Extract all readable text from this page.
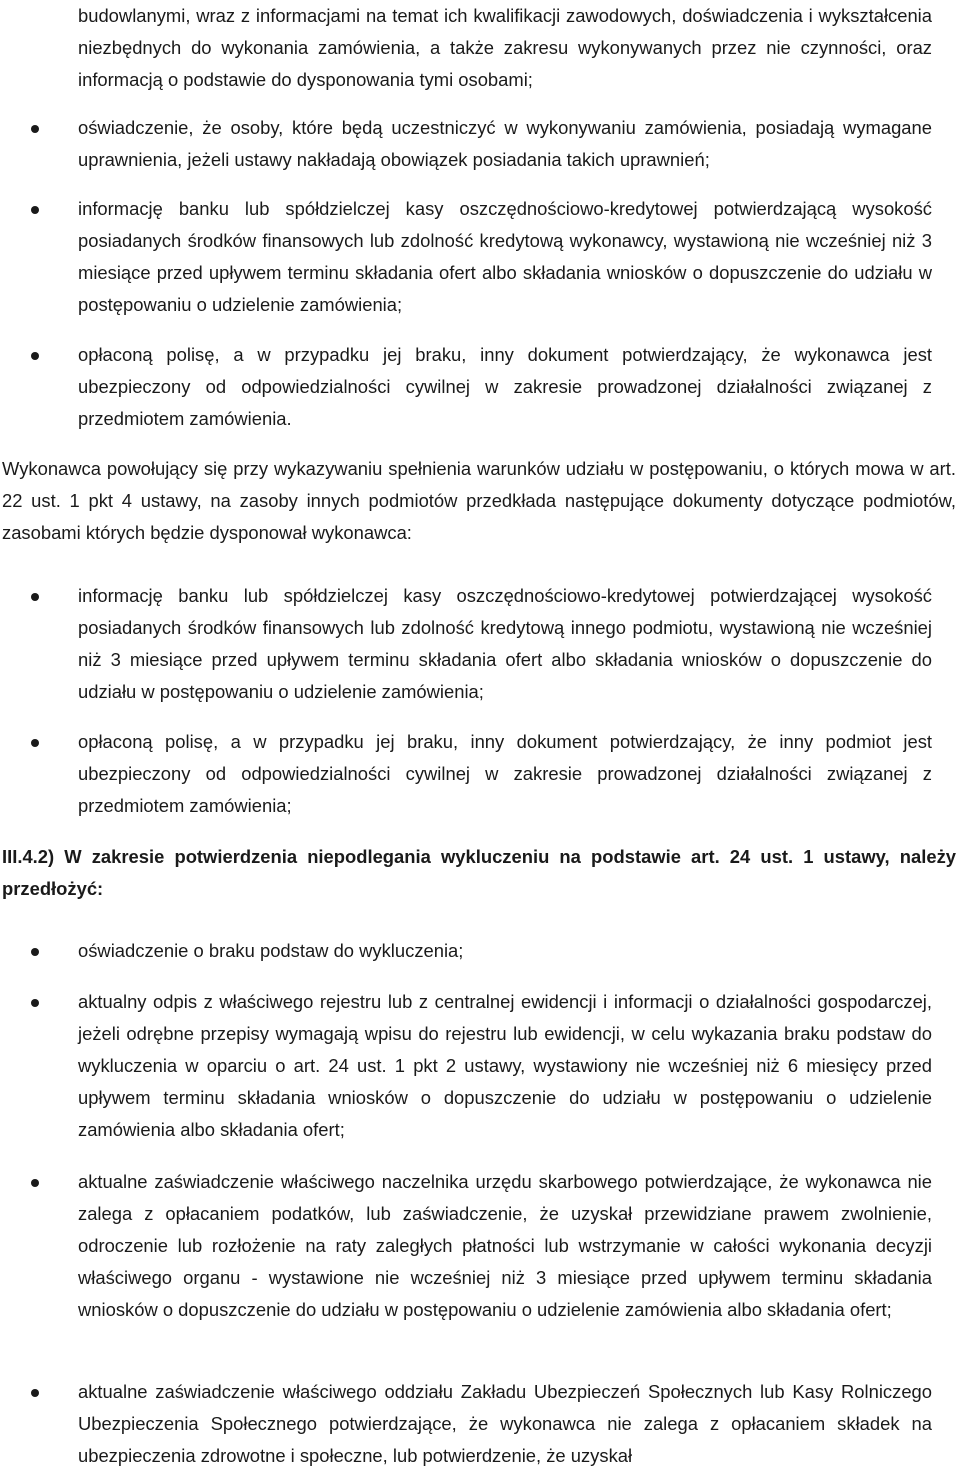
budowlanymi, wraz z informacjami na temat ich kwalifikacji zawodowych, doświadczenia i wykształcenia niezbędnych do wykonania zamówienia, a także zakresu wykonywanych przez nie czynności, oraz informacją o podstawie do dysponowania tymi osobami;

oświadczenie, że osoby, które będą uczestniczyć w wykonywaniu zamówienia, posiadają wymagane uprawnienia, jeżeli ustawy nakładają obowiązek posiadania takich uprawnień;

informację banku lub spółdzielczej kasy oszczędnościowo-kredytowej potwierdzającą wysokość posiadanych środków finansowych lub zdolność kredytową wykonawcy, wystawioną nie wcześniej niż 3 miesiące przed upływem terminu składania ofert albo składania wniosków o dopuszczenie do udziału w postępowaniu o udzielenie zamówienia;

opłaconą polisę, a w przypadku jej braku, inny dokument potwierdzający, że wykonawca jest ubezpieczony od odpowiedzialności cywilnej w zakresie prowadzonej działalności związanej z przedmiotem zamówienia.

Wykonawca powołujący się przy wykazywaniu spełnienia warunków udziału w postępowaniu, o których mowa w art. 22 ust. 1 pkt 4 ustawy, na zasoby innych podmiotów przedkłada następujące dokumenty dotyczące podmiotów, zasobami których będzie dysponował wykonawca:

informację banku lub spółdzielczej kasy oszczędnościowo-kredytowej potwierdzającej wysokość posiadanych środków finansowych lub zdolność kredytową innego podmiotu, wystawioną nie wcześniej niż 3 miesiące przed upływem terminu składania ofert albo składania wniosków o dopuszczenie do udziału w postępowaniu o udzielenie zamówienia;

opłaconą polisę, a w przypadku jej braku, inny dokument potwierdzający, że inny podmiot jest ubezpieczony od odpowiedzialności cywilnej w zakresie prowadzonej działalności związanej z przedmiotem zamówienia;

III.4.2) W zakresie potwierdzenia niepodlegania wykluczeniu na podstawie art. 24 ust. 1 ustawy, należy przedłożyć:

oświadczenie o braku podstaw do wykluczenia;

aktualny odpis z właściwego rejestru lub z centralnej ewidencji i informacji o działalności gospodarczej, jeżeli odrębne przepisy wymagają wpisu do rejestru lub ewidencji, w celu wykazania braku podstaw do wykluczenia w oparciu o art. 24 ust. 1 pkt 2 ustawy, wystawiony nie wcześniej niż 6 miesięcy przed upływem terminu składania wniosków o dopuszczenie do udziału w postępowaniu o udzielenie zamówienia albo składania ofert;

aktualne zaświadczenie właściwego naczelnika urzędu skarbowego potwierdzające, że wykonawca nie zalega z opłacaniem podatków, lub zaświadczenie, że uzyskał przewidziane prawem zwolnienie, odroczenie lub rozłożenie na raty zaległych płatności lub wstrzymanie w całości wykonania decyzji właściwego organu - wystawione nie wcześniej niż 3 miesiące przed upływem terminu składania wniosków o dopuszczenie do udziału w postępowaniu o udzielenie zamówienia albo składania ofert;

aktualne zaświadczenie właściwego oddziału Zakładu Ubezpieczeń Społecznych lub Kasy Rolniczego Ubezpieczenia Społecznego potwierdzające, że wykonawca nie zalega z opłacaniem składek na ubezpieczenia zdrowotne i społeczne, lub potwierdzenie, że uzyskał
